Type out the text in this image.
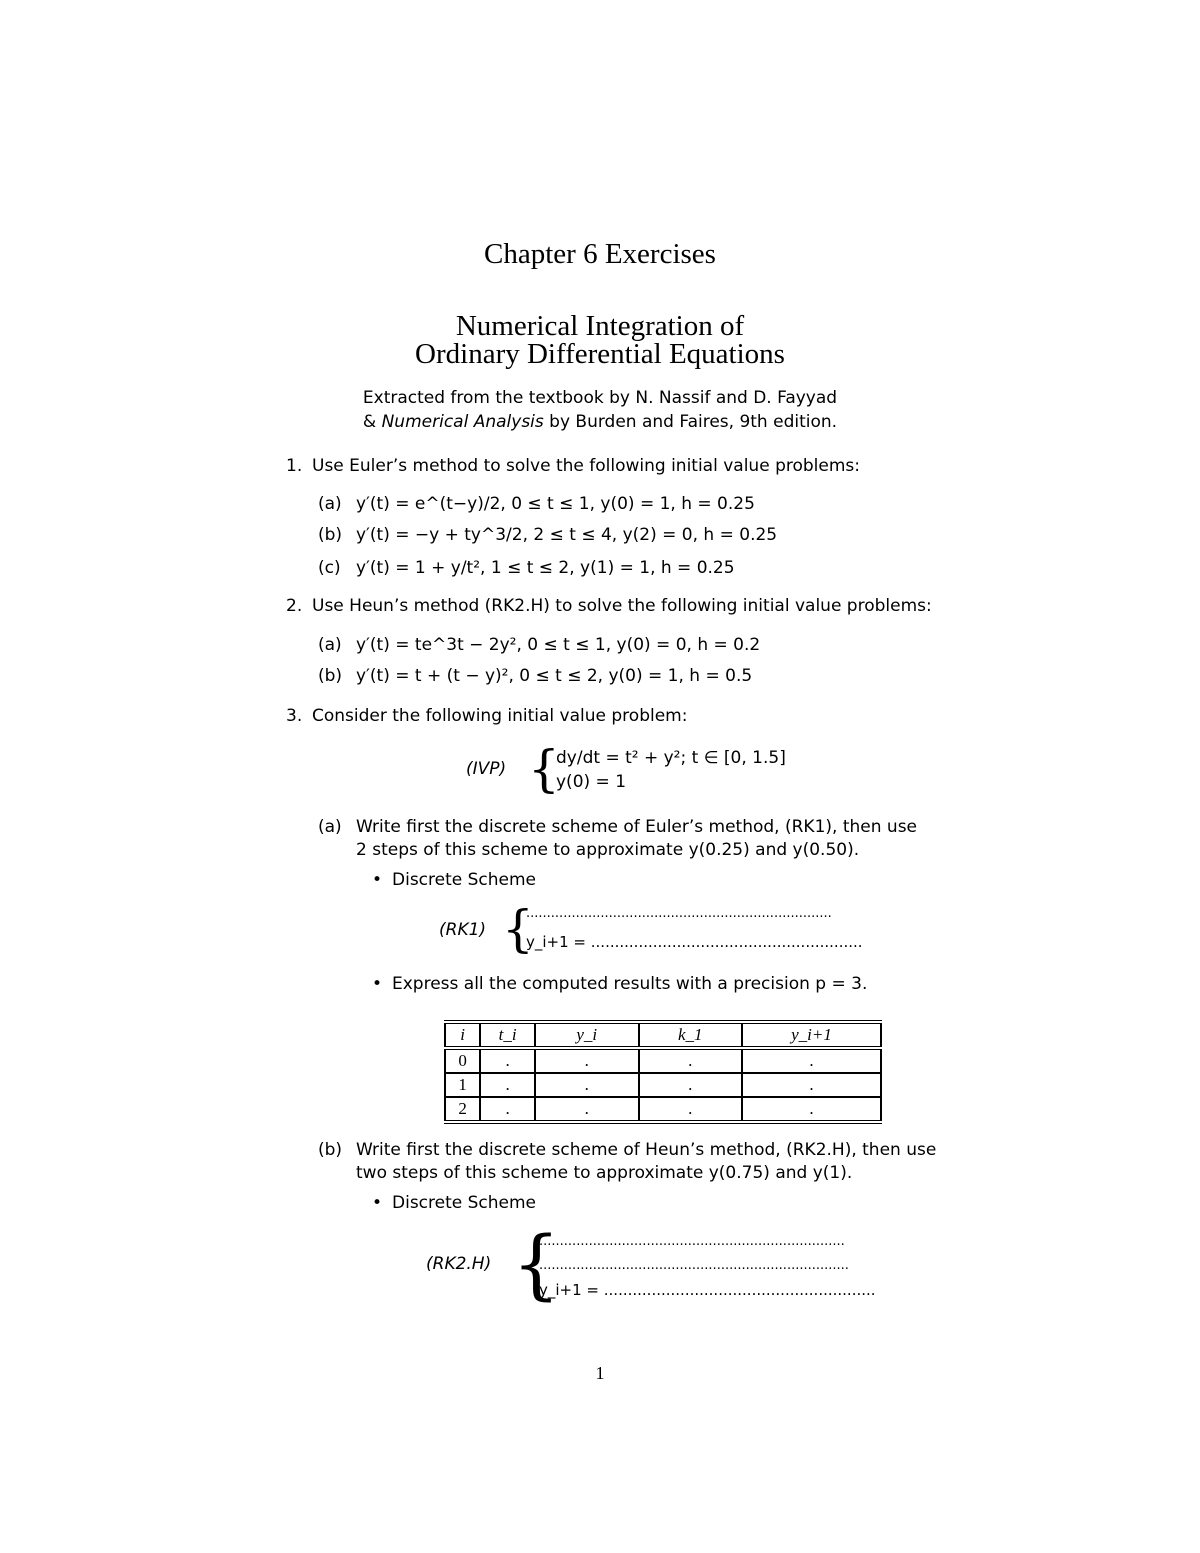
Chapter 6 Exercises
Numerical Integration of
Ordinary Differential Equations
Extracted from the textbook by N. Nassif and D. Fayyad
& Numerical Analysis by Burden and Faires, 9th edition.
1. Use Euler’s method to solve the following initial value problems:
(a) y′(t) = e^(t−y)/2, 0 ≤ t ≤ 1, y(0) = 1, h = 0.25
(b) y′(t) = −y + ty^3/2, 2 ≤ t ≤ 4, y(2) = 0, h = 0.25
(c) y′(t) = 1 + y/t², 1 ≤ t ≤ 2, y(1) = 1, h = 0.25
2. Use Heun’s method (RK2.H) to solve the following initial value problems:
(a) y′(t) = te^3t − 2y², 0 ≤ t ≤ 1, y(0) = 0, h = 0.2
(b) y′(t) = t + (t − y)², 0 ≤ t ≤ 2, y(0) = 1, h = 0.5
3. Consider the following initial value problem:
(IVP) {
dy/dt = t² + y²; t ∈ [0, 1.5]
y(0) = 1
(a) Write first the discrete scheme of Euler’s method, (RK1), then use
2 steps of this scheme to approximate y(0.25) and y(0.50).
• Discrete Scheme
(RK1) {
..........................................................................
y_i+1 = .........................................................
• Express all the computed results with a precision p = 3.
i	t_i	y_i	k_1	y_i+1
0	.	.	.	.
1	.	.	.	.
2	.	.	.	.
(b) Write first the discrete scheme of Heun’s method, (RK2.H), then use
two steps of this scheme to approximate y(0.75) and y(1).
• Discrete Scheme
(RK2.H) {
..........................................................................
...........................................................................
y_i+1 = .........................................................
1
